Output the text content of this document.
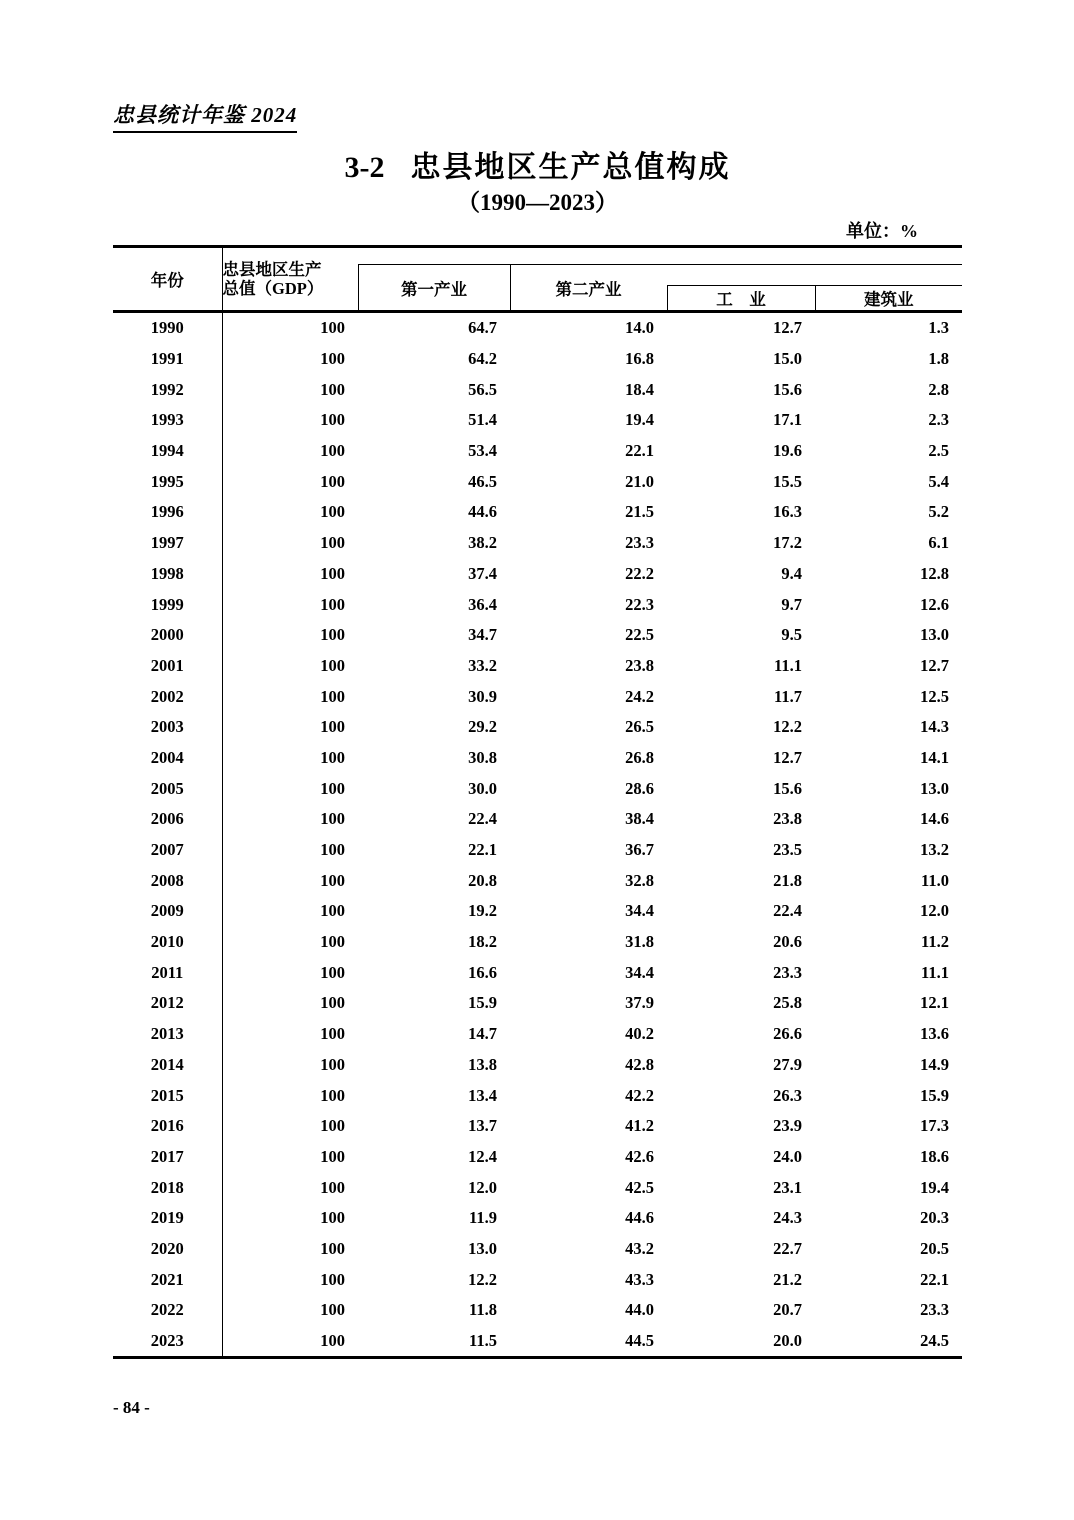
忠县统计年鉴 2024
3-2 忠县地区生产总值构成
（1990—2023）
单位：%
年份	忠县地区生产
总值（GDP）				

		第一产业	第二产业		
				工　业	建筑业
1990	100	64.7	14.0	12.7	1.3
1991	100	64.2	16.8	15.0	1.8
1992	100	56.5	18.4	15.6	2.8
1993	100	51.4	19.4	17.1	2.3
1994	100	53.4	22.1	19.6	2.5
1995	100	46.5	21.0	15.5	5.4
1996	100	44.6	21.5	16.3	5.2
1997	100	38.2	23.3	17.2	6.1
1998	100	37.4	22.2	9.4	12.8
1999	100	36.4	22.3	9.7	12.6
2000	100	34.7	22.5	9.5	13.0
2001	100	33.2	23.8	11.1	12.7
2002	100	30.9	24.2	11.7	12.5
2003	100	29.2	26.5	12.2	14.3
2004	100	30.8	26.8	12.7	14.1
2005	100	30.0	28.6	15.6	13.0
2006	100	22.4	38.4	23.8	14.6
2007	100	22.1	36.7	23.5	13.2
2008	100	20.8	32.8	21.8	11.0
2009	100	19.2	34.4	22.4	12.0
2010	100	18.2	31.8	20.6	11.2
2011	100	16.6	34.4	23.3	11.1
2012	100	15.9	37.9	25.8	12.1
2013	100	14.7	40.2	26.6	13.6
2014	100	13.8	42.8	27.9	14.9
2015	100	13.4	42.2	26.3	15.9
2016	100	13.7	41.2	23.9	17.3
2017	100	12.4	42.6	24.0	18.6
2018	100	12.0	42.5	23.1	19.4
2019	100	11.9	44.6	24.3	20.3
2020	100	13.0	43.2	22.7	20.5
2021	100	12.2	43.3	21.2	22.1
2022	100	11.8	44.0	20.7	23.3
2023	100	11.5	44.5	20.0	24.5
- 84 -
